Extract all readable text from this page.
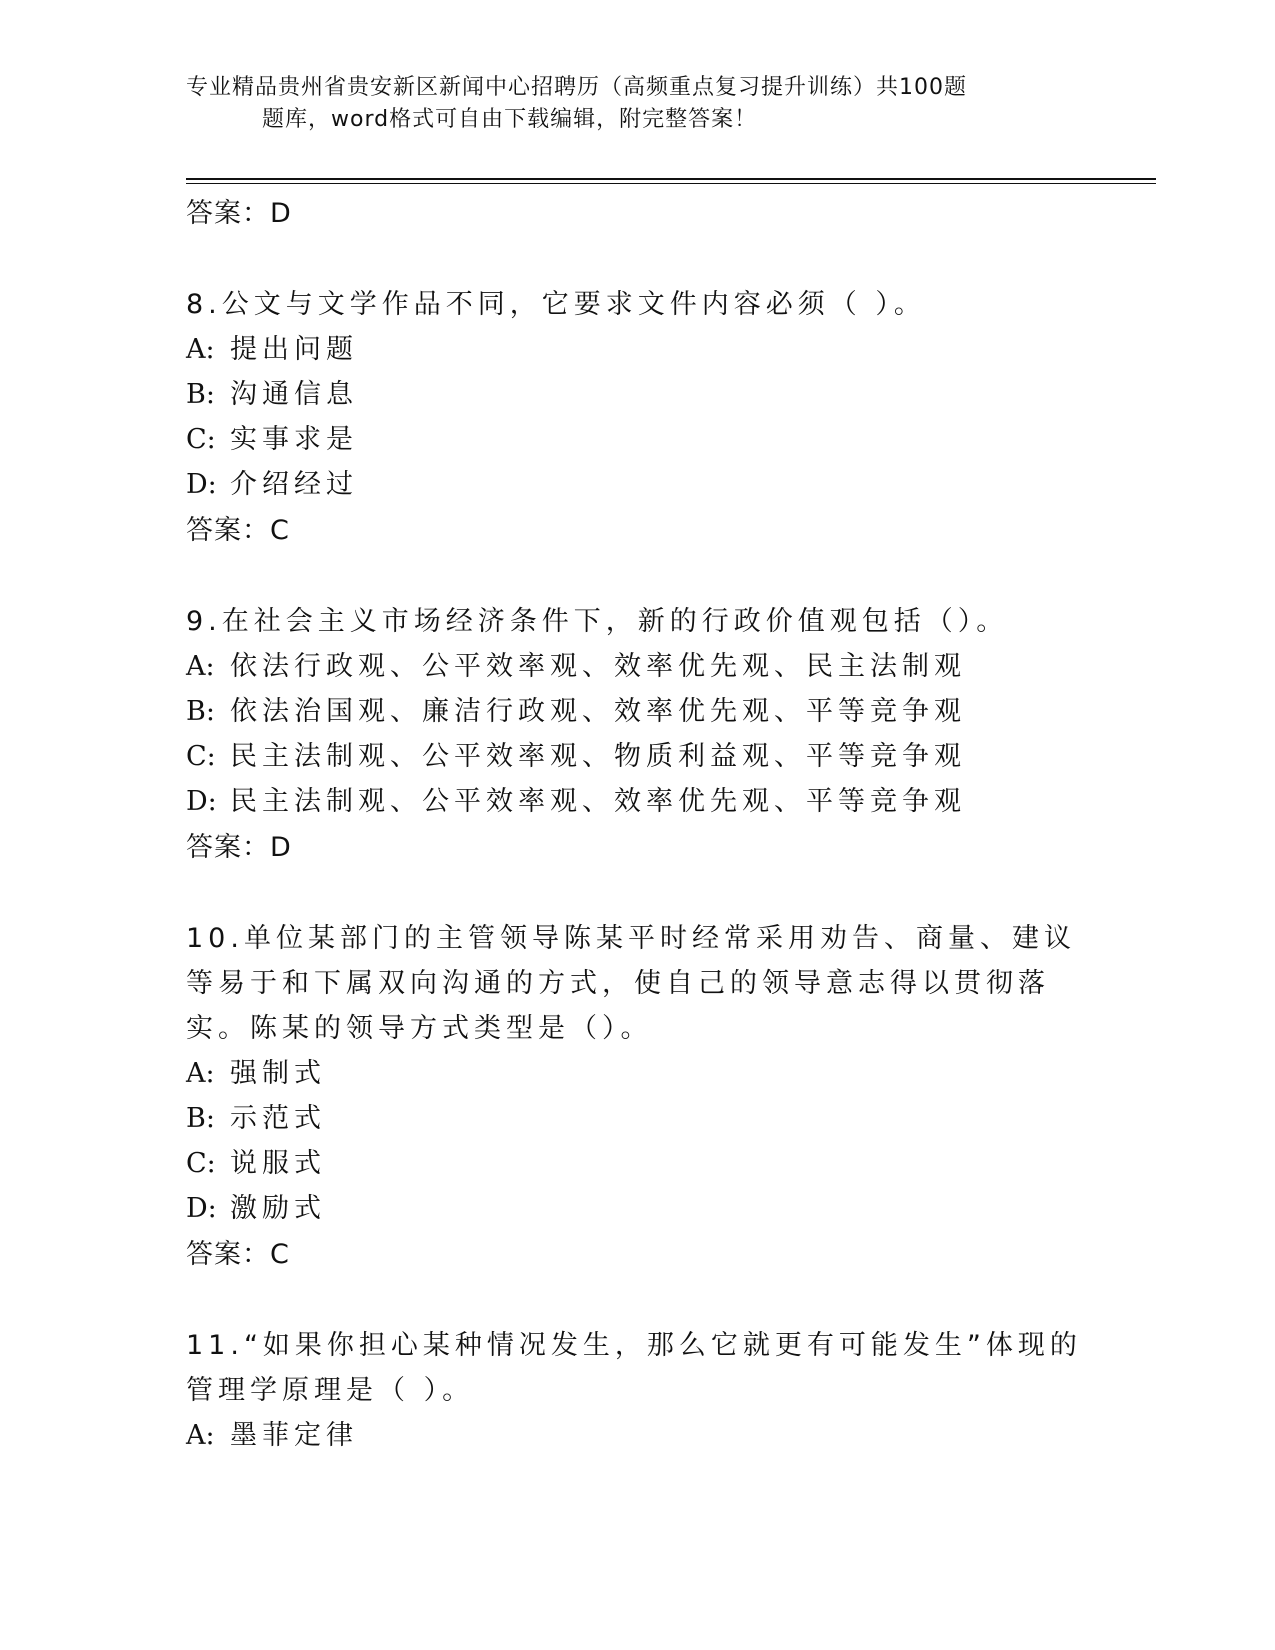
专业精品贵州省贵安新区新闻中心招聘历（高频重点复习提升训练）共100题
题库，word格式可自由下载编辑，附完整答案！
答案：D
8.公文与文学作品不同，它要求文件内容必须（ ）。
A: 提出问题
B: 沟通信息
C: 实事求是
D: 介绍经过
答案：C
9.在社会主义市场经济条件下，新的行政价值观包括（）。
A: 依法行政观、公平效率观、效率优先观、民主法制观
B: 依法治国观、廉洁行政观、效率优先观、平等竞争观
C: 民主法制观、公平效率观、物质利益观、平等竞争观
D: 民主法制观、公平效率观、效率优先观、平等竞争观
答案：D
10.单位某部门的主管领导陈某平时经常采用劝告、商量、建议等易于和下属双向沟通的方式，使自己的领导意志得以贯彻落实。陈某的领导方式类型是（）。
A: 强制式
B: 示范式
C: 说服式
D: 激励式
答案：C
11.“如果你担心某种情况发生，那么它就更有可能发生”体现的管理学原理是（ ）。
A: 墨菲定律
